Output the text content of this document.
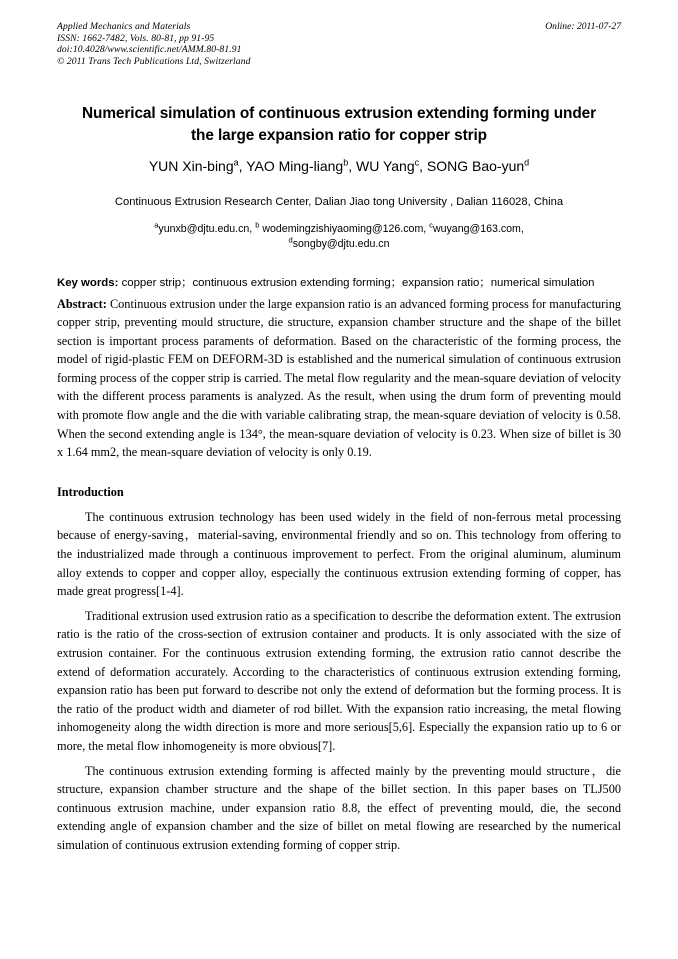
Applied Mechanics and Materials
ISSN: 1662-7482, Vols. 80-81, pp 91-95
doi:10.4028/www.scientific.net/AMM.80-81.91
© 2011 Trans Tech Publications Ltd, Switzerland
Online: 2011-07-27
Numerical simulation of continuous extrusion extending forming under
the large expansion ratio for copper strip
YUN Xin-bing$^a$, YAO Ming-liang$^b$, WU Yang$^c$, SONG Bao-yun$^d$
Continuous Extrusion Research Center, Dalian Jiao tong University , Dalian 116028, China
$^a$yunxb@djtu.edu.cn, $^b$ wodemingzishiyaoming@126.com, $^c$wuyang@163.com,
$^d$songby@djtu.edu.cn
Key words: copper strip；continuous extrusion extending forming；expansion ratio；numerical simulation
Abstract: Continuous extrusion under the large expansion ratio is an advanced forming process for manufacturing copper strip, preventing mould structure, die structure, expansion chamber structure and the shape of the billet section is important process paraments of deformation. Based on the characteristic of the forming process, the model of rigid-plastic FEM on DEFORM-3D is established and the numerical simulation of continuous extrusion forming process of the copper strip is carried. The metal flow regularity and the mean-square deviation of velocity with the different process paraments is analyzed. As the result, when using the drum form of preventing mould with promote flow angle and the die with variable calibrating strap, the mean-square deviation of velocity is 0.58. When the second extending angle is 134°, the mean-square deviation of velocity is 0.23. When size of billet is 30 x 1.64 mm2, the mean-square deviation of velocity is only 0.19.
Introduction

The continuous extrusion technology has been used widely in the field of non-ferrous metal processing because of energy-saving，material-saving, environmental friendly and so on. This technology from offering to the industrialized made through a continuous improvement to perfect. From the original aluminum, aluminum alloy extends to copper and copper alloy, especially the continuous extrusion extending forming of copper, has made great progress[1-4].

Traditional extrusion used extrusion ratio as a specification to describe the deformation extent. The extrusion ratio is the ratio of the cross-section of extrusion container and products. It is only associated with the size of extrusion container. For the continuous extrusion extending forming, the extrusion ratio cannot describe the extend of deformation accurately. According to the characteristics of continuous extrusion extending forming, expansion ratio has been put forward to describe not only the extend of deformation but the forming process. It is the ratio of the product width and diameter of rod billet. With the expansion ratio increasing, the metal flowing inhomogeneity along the width direction is more and more serious[5,6]. Especially the expansion ratio up to 6 or more, the metal flow inhomogeneity is more obvious[7].

The continuous extrusion extending forming is affected mainly by the preventing mould structure，die structure, expansion chamber structure and the shape of the billet section. In this paper bases on TLJ500 continuous extrusion machine, under expansion ratio 8.8, the effect of preventing mould, die, the second extending angle of expansion chamber and the size of billet on metal flowing are researched by the numerical simulation of continuous extrusion extending forming of copper strip.
